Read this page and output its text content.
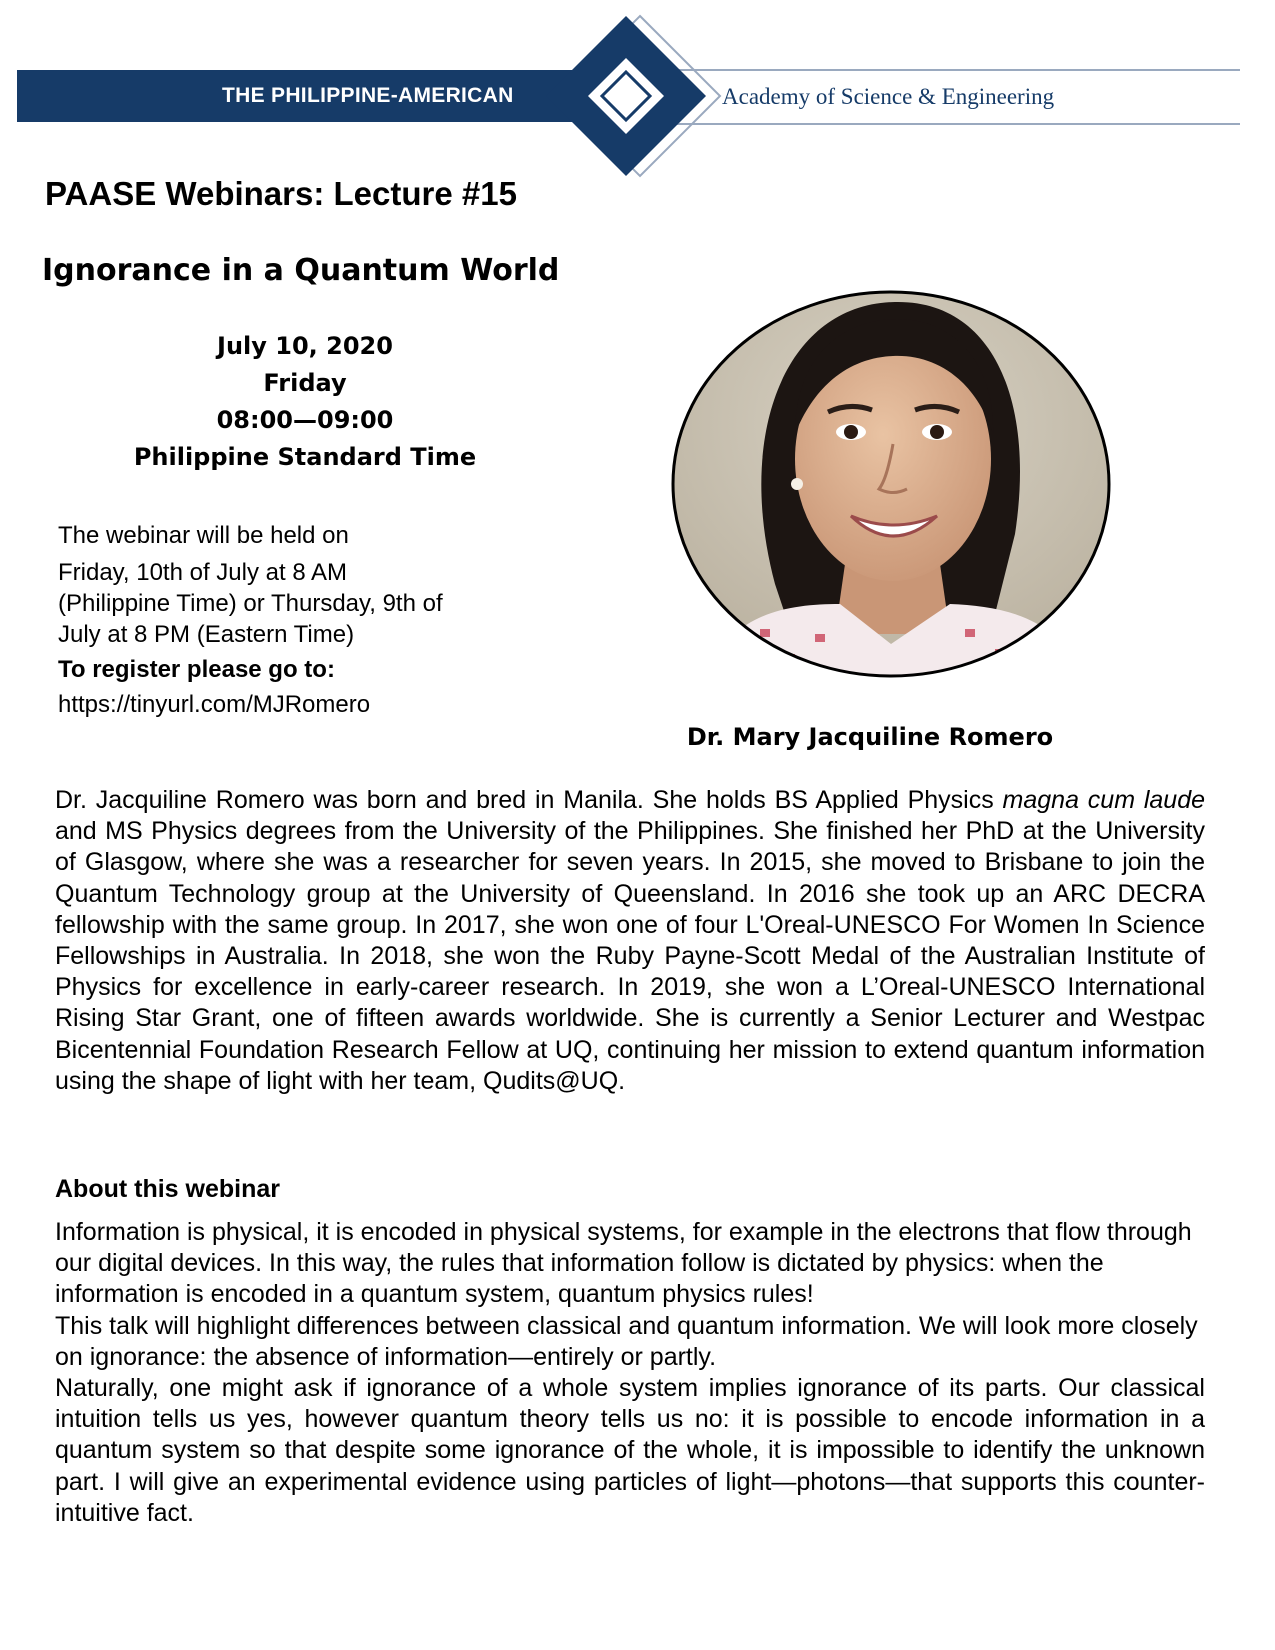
THE PHILIPPINE-AMERICAN	Academy of Science & Engineering
PAASE Webinars: Lecture #15
Ignorance in a Quantum World
July 10, 2020
Friday
08:00—09:00
Philippine Standard Time
The webinar will be held on
Friday, 10th of July at 8 AM
(Philippine Time) or Thursday, 9th of
July at 8 PM (Eastern Time)
To register please go to:
https://tinyurl.com/MJRomero
Dr. Mary Jacquiline Romero
Dr. Jacquiline Romero was born and bred in Manila. She holds BS Applied Physics magna cum laude and MS Physics degrees from the University of the Philippines. She finished her PhD at the University of Glasgow, where she was a researcher for seven years. In 2015, she moved to Brisbane to join the Quantum Technology group at the University of Queensland. In 2016 she took up an ARC DECRA fellowship with the same group. In 2017, she won one of four L'Oreal-UNESCO For Women In Science Fellowships in Australia. In 2018, she won the Ruby Payne-Scott Medal of the Australian Institute of Physics for excellence in early-career research. In 2019, she won a L’Oreal-UNESCO International Rising Star Grant, one of fifteen awards worldwide. She is currently a Senior Lecturer and Westpac Bicentennial Foundation Research Fellow at UQ, continuing her mission to extend quantum information using the shape of light with her team, Qudits@UQ.
About this webinar

Information is physical, it is encoded in physical systems, for example in the electrons that flow through our digital devices. In this way, the rules that information follow is dictated by physics: when the information is encoded in a quantum system, quantum physics rules!

This talk will highlight differences between classical and quantum information. We will look more closely on ignorance: the absence of information—entirely or partly.

Naturally, one might ask if ignorance of a whole system implies ignorance of its parts. Our classical intuition tells us yes, however quantum theory tells us no: it is possible to encode information in a quantum system so that despite some ignorance of the whole, it is impossible to identify the unknown part. I will give an experimental evidence using particles of light—photons—that supports this counter-intuitive fact.
